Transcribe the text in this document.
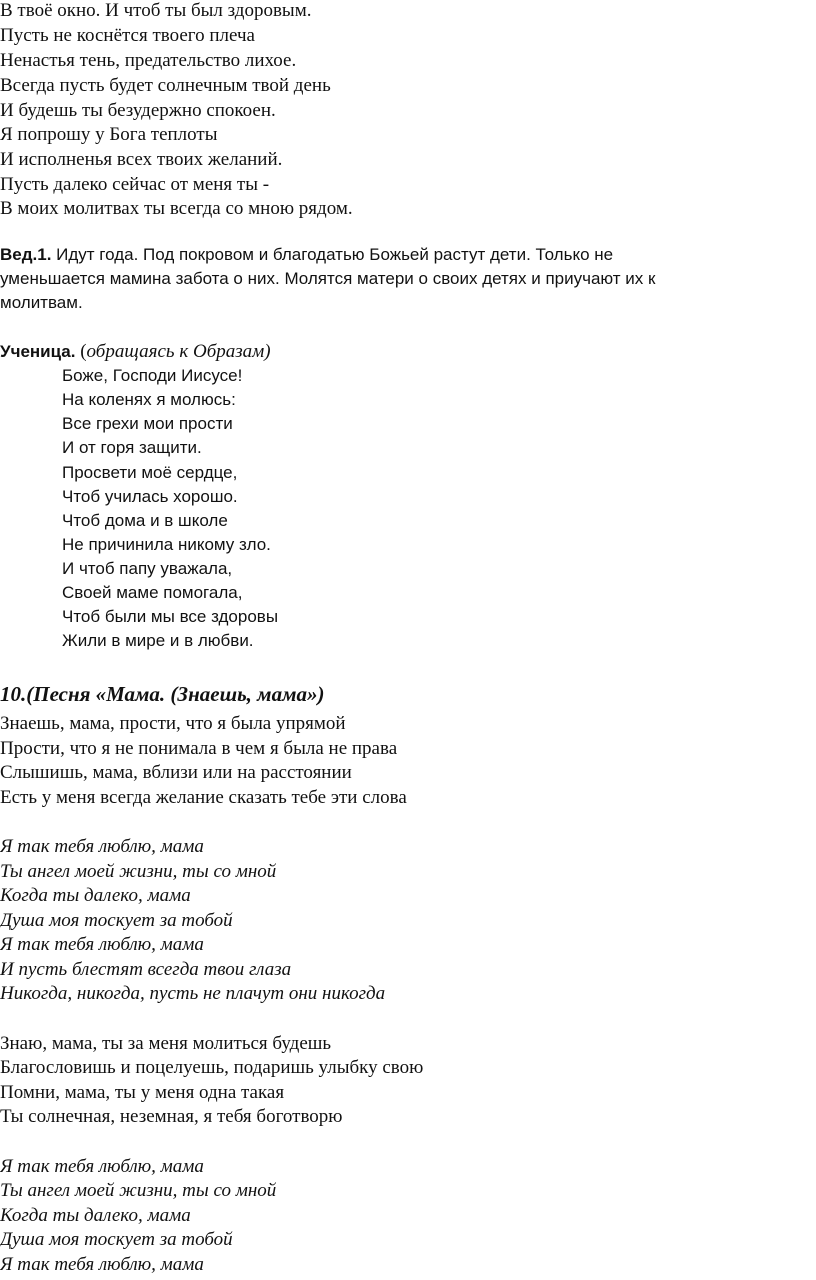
В твоё окно. И чтоб ты был здоровым.
Пусть не коснётся твоего плеча
Ненастья тень, предательство лихое.
Всегда пусть будет солнечным твой день
И будешь ты безудержно спокоен.
Я попрошу у Бога теплоты
И исполненья всех твоих желаний.
Пусть далеко сейчас от меня ты -
В моих молитвах ты всегда со мною рядом.
Вед.1. Идут года. Под покровом и благодатью Божьей растут дети. Только не
уменьшается мамина забота о них. Молятся матери о своих детях и приучают их к
молитвам.
Ученица. (обращаясь к Образам)
Боже, Господи Иисусе!
На коленях я молюсь:
Все грехи мои прости
И от горя защити.
Просвети моё сердце,
Чтоб училась хорошо.
Чтоб дома и в школе
Не причинила никому зло.
И чтоб папу уважала,
Своей маме помогала,
Чтоб были мы все здоровы
Жили в мире и в любви.
10.(Песня «Мама. (Знаешь, мама»)
Знаешь, мама, прости, что я была упрямой
Прости, что я не понимала в чем я была не права
Слышишь, мама, вблизи или на расстоянии
Есть у меня всегда желание сказать тебе эти слова
Я так тебя люблю, мама
Ты ангел моей жизни, ты со мной
Когда ты далеко, мама
Душа моя тоскует за тобой
Я так тебя люблю, мама
И пусть блестят всегда твои глаза
Никогда, никогда, пусть не плачут они никогда
Знаю, мама, ты за меня молиться будешь
Благословишь и поцелуешь, подаришь улыбку свою
Помни, мама, ты у меня одна такая
Ты солнечная, неземная, я тебя боготворю
Я так тебя люблю, мама
Ты ангел моей жизни, ты со мной
Когда ты далеко, мама
Душа моя тоскует за тобой
Я так тебя люблю, мама
